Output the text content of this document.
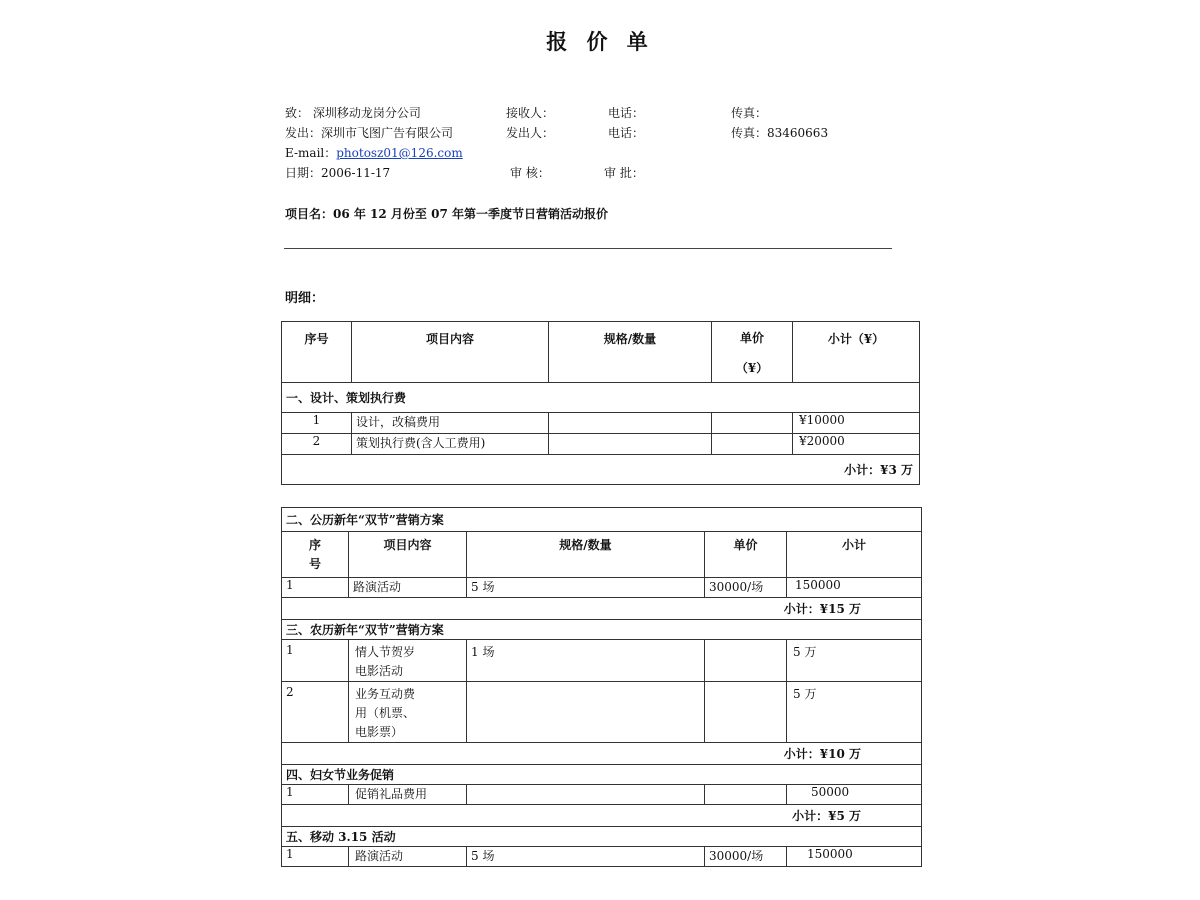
报 价 单
致： 深圳移动龙岗分公司	接收人：	电话：	传真：
发出：深圳市飞图广告有限公司	发出人：	电话：	传真：83460663
E-mail：photosz01@126.com
日期：2006-11-17	审 核：	审 批：
项目名：06 年 12 月份至 07 年第一季度节日营销活动报价
明细：
序号	项目内容	规格/数量	单价
（¥）	小计（¥）
一、设计、策划执行费				
1	设计，改稿费用			¥10000
2	策划执行费(含人工费用)			¥20000
小计：¥3 万				
二、公历新年“双节”营销方案				

序
号	项目内容	规格/数量	单价	小计
1	路演活动	5 场	30000/场	150000
小计：¥15 万				
三、农历新年“双节”营销方案				
1	情人节贺岁
电影活动	1 场		5 万
2	业务互动费
用（机票、
电影票）			5 万
小计：¥10 万				
四、妇女节业务促销				
1	促销礼品费用			50000
小计：¥5 万				
五、移动 3.15 活动				
1	路演活动	5 场	30000/场	150000
